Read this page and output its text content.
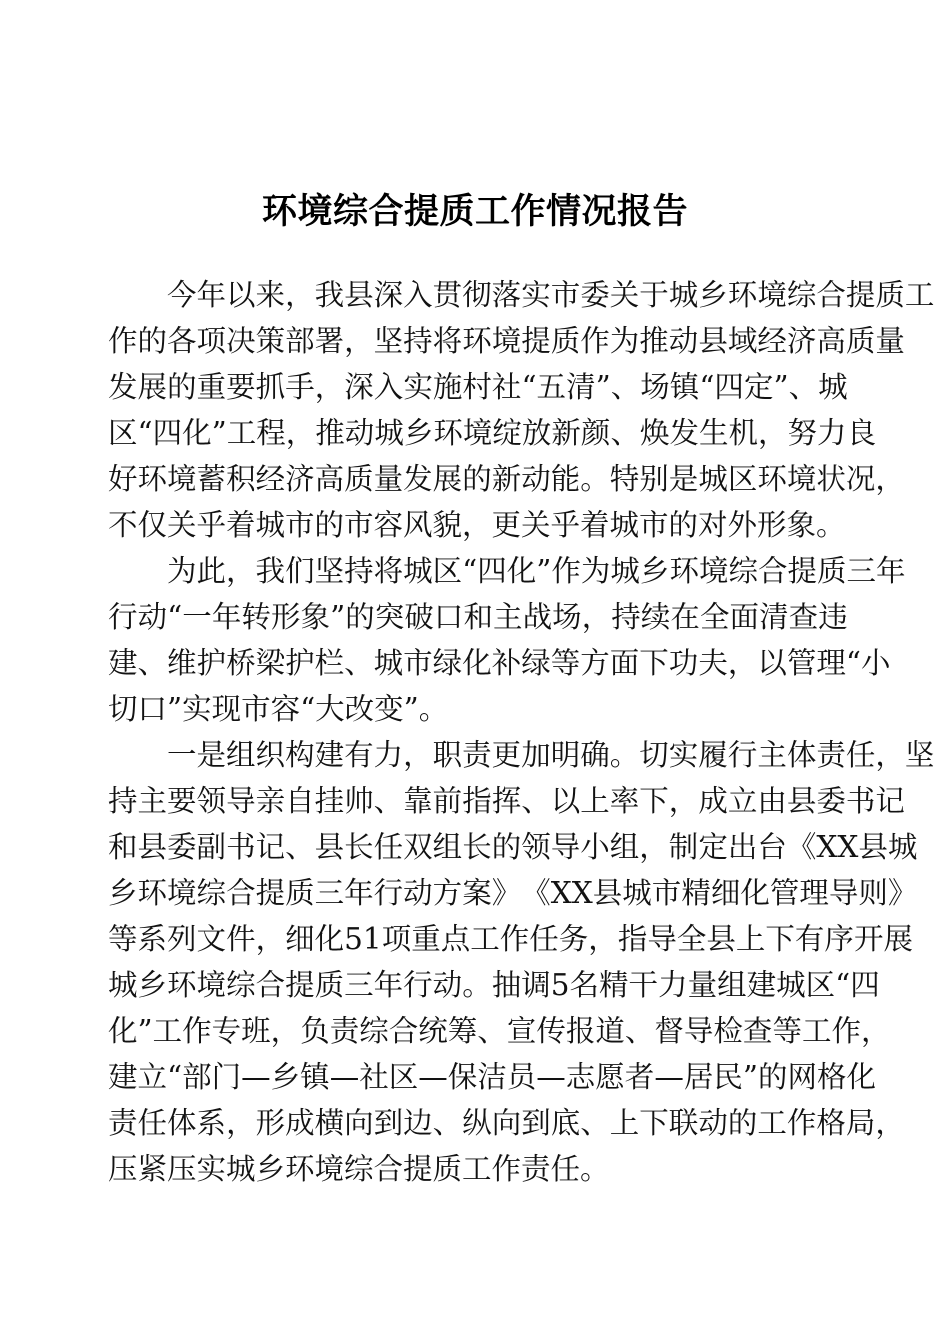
环境综合提质工作情况报告

今 年 以 来 ， 我 县 深 入 贯 彻 落 实 市 委 关 于 城 乡 环 境 综 合 提 质 工
作 的 各 项 决 策 部 署 ， 坚 持 将 环 境 提 质 作 为 推 动 县 域 经 济 高 质 量
发 展 的 重 要 抓 手 ， 深 入 实 施 村 社 “ 五 清 ” 、 场 镇 “ 四 定 ” 、 城
区 “ 四 化 ” 工 程 ， 推 动 城 乡 环 境 绽 放 新 颜 、 焕 发 生 机 ， 努 力 良
好 环 境 蓄 积 经 济 高 质 量 发 展 的 新 动 能 。 特 别 是 城 区 环 境 状 况 ，
不仅关乎着城市的市容风貌，更关乎着城市的对外形象。

为 此 ， 我 们 坚 持 将 城 区 “ 四 化 ” 作 为 城 乡 环 境 综 合 提 质 三 年
行 动 “ 一 年 转 形 象 ” 的 突 破 口 和 主 战 场 ， 持 续 在 全 面 清 查 违
建 、 维 护 桥 梁 护 栏 、 城 市 绿 化 补 绿 等 方 面 下 功 夫 ， 以 管 理 “ 小
切口”实现市容“大改变”。

一 是 组 织 构 建 有 力 ， 职 责 更 加 明 确 。 切 实 履 行 主 体 责 任 ， 坚
持 主 要 领 导 亲 自 挂 帅 、 靠 前 指 挥 、 以 上 率 下 ， 成 立 由 县 委 书 记
和 县 委 副 书 记 、 县 长 任 双 组 长 的 领 导 小 组 ， 制 定 出 台 《 X X 县 城
乡 环 境 综 合 提 质 三 年 行 动 方 案 》 《 X X 县 城 市 精 细 化 管 理 导 则 》
等 系 列 文 件 ， 细 化 5 1 项 重 点 工 作 任 务 ， 指 导 全 县 上 下 有 序 开 展
城 乡 环 境 综 合 提 质 三 年 行 动 。 抽 调 5 名 精 干 力 量 组 建 城 区 “ 四
化 ” 工 作 专 班 ， 负 责 综 合 统 筹 、 宣 传 报 道 、 督 导 检 查 等 工 作 ，
建 立 “ 部 门 — 乡 镇 — 社 区 — 保 洁 员 — 志 愿 者 — 居 民 ” 的 网 格 化
责 任 体 系 ， 形 成 横 向 到 边 、 纵 向 到 底 、 上 下 联 动 的 工 作 格 局 ，
压紧压实城乡环境综合提质工作责任。
